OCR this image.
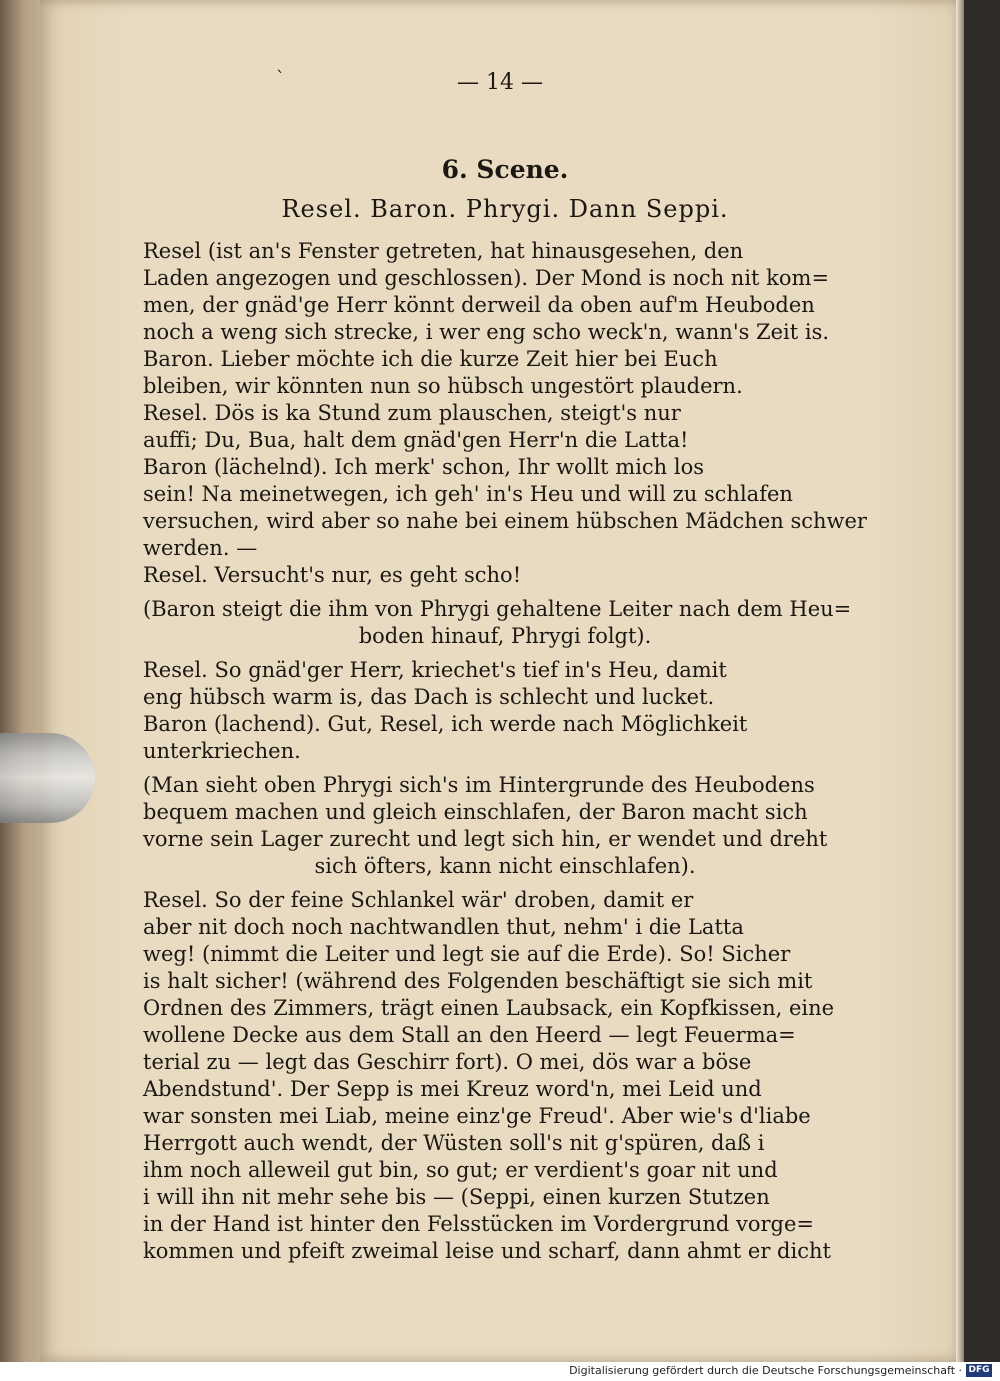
`	— 14 —
6. Scene.
Resel. Baron. Phrygi. Dann Seppi.
Resel (ist an's Fenster getreten, hat hinausgesehen, den
Laden angezogen und geschlossen). Der Mond is noch nit kom=
men, der gnäd'ge Herr könnt derweil da oben auf'm Heuboden
noch a weng sich strecke, i wer eng scho weck'n, wann's Zeit is.
Baron. Lieber möchte ich die kurze Zeit hier bei Euch
bleiben, wir könnten nun so hübsch ungestört plaudern.
Resel. Dös is ka Stund zum plauschen, steigt's nur
auffi; Du, Bua, halt dem gnäd'gen Herr'n die Latta!
Baron (lächelnd). Ich merk' schon, Ihr wollt mich los
sein! Na meinetwegen, ich geh' in's Heu und will zu schlafen
versuchen, wird aber so nahe bei einem hübschen Mädchen schwer
werden. —
Resel. Versucht's nur, es geht scho!
(Baron steigt die ihm von Phrygi gehaltene Leiter nach dem Heu=
boden hinauf, Phrygi folgt).
Resel. So gnäd'ger Herr, kriechet's tief in's Heu, damit
eng hübsch warm is, das Dach is schlecht und lucket.
Baron (lachend). Gut, Resel, ich werde nach Möglichkeit
unterkriechen.
(Man sieht oben Phrygi sich's im Hintergrunde des Heubodens
bequem machen und gleich einschlafen, der Baron macht sich
vorne sein Lager zurecht und legt sich hin, er wendet und dreht
sich öfters, kann nicht einschlafen).
Resel. So der feine Schlankel wär' droben, damit er
aber nit doch noch nachtwandlen thut, nehm' i die Latta
weg! (nimmt die Leiter und legt sie auf die Erde). So! Sicher
is halt sicher! (während des Folgenden beschäftigt sie sich mit
Ordnen des Zimmers, trägt einen Laubsack, ein Kopfkissen, eine
wollene Decke aus dem Stall an den Heerd — legt Feuerma=
terial zu — legt das Geschirr fort). O mei, dös war a böse
Abendstund'. Der Sepp is mei Kreuz word'n, mei Leid und
war sonsten mei Liab, meine einz'ge Freud'. Aber wie's d'liabe
Herrgott auch wendt, der Wüsten soll's nit g'spüren, daß i
ihm noch alleweil gut bin, so gut; er verdient's goar nit und
i will ihn nit mehr sehe bis — (Seppi, einen kurzen Stutzen
in der Hand ist hinter den Felsstücken im Vordergrund vorge=
kommen und pfeift zweimal leise und scharf, dann ahmt er dicht
Digitalisierung gefördert durch die Deutsche Forschungsgemeinschaft · DFG
